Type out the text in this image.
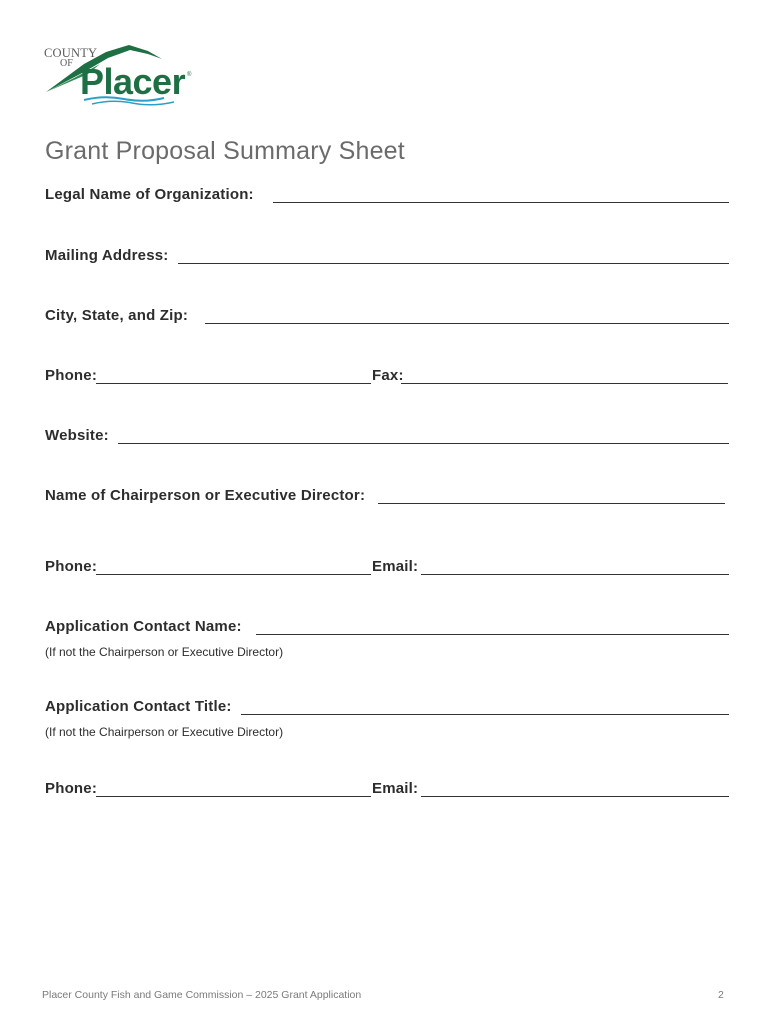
COUNTY
OF Placer ®
Grant Proposal Summary Sheet
Legal Name of Organization:
Mailing Address:
City, State, and Zip:
Phone:	Fax:
Website:
Name of Chairperson or Executive Director:
Phone:	Email:
Application Contact Name:
(If not the Chairperson or Executive Director)
Application Contact Title:
(If not the Chairperson or Executive Director)
Phone:	Email:
Placer County Fish and Game Commission – 2025 Grant Application	2
